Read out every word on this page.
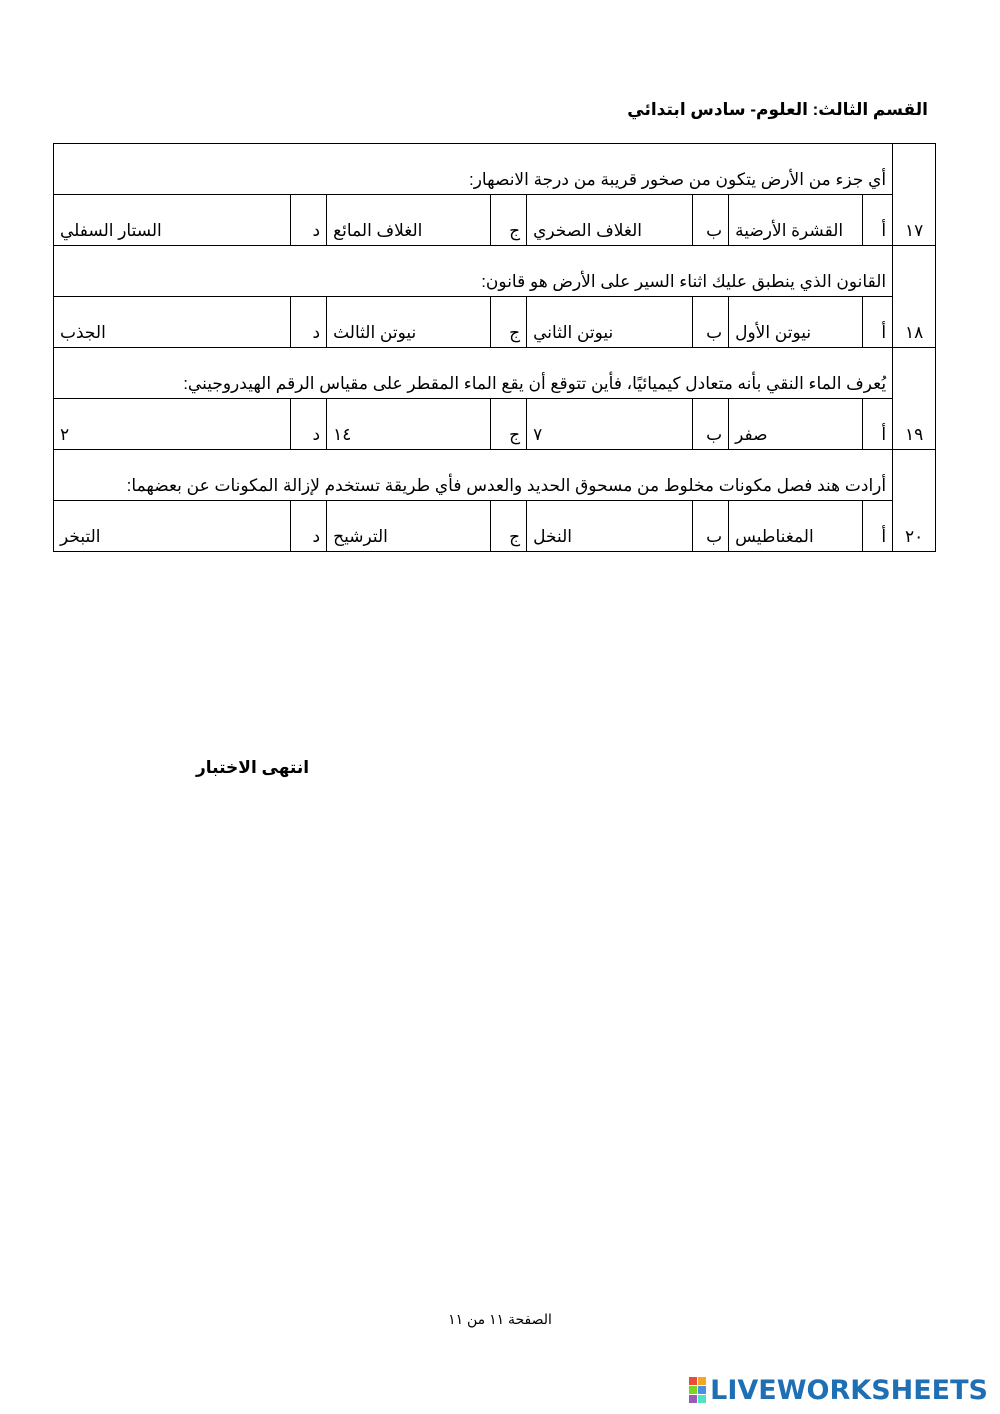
القسم الثالث: العلوم- سادس ابتدائي
١٧	أي جزء من الأرض يتكون من صخور قريبة من درجة الانصهار:							
	أ	القشرة الأرضية	ب	الغلاف الصخري	ج	الغلاف المائع	د	الستار السفلي
١٨	القانون الذي ينطبق عليك اثناء السير على الأرض هو قانون:							
	أ	نيوتن الأول	ب	نيوتن الثاني	ج	نيوتن الثالث	د	الجذب
١٩	يُعرف الماء النقي بأنه متعادل كيميائيًا، فأين تتوقع أن يقع الماء المقطر على مقياس الرقم الهيدروجيني:							
	أ	صفر	ب	٧	ج	١٤	د	٢
٢٠	أرادت هند فصل مكونات مخلوط من مسحوق الحديد والعدس فأي طريقة تستخدم لإزالة المكونات عن بعضهما:							
	أ	المغناطيس	ب	النخل	ج	الترشيح	د	التبخر
انتهى الاختبار
الصفحة ١١ من ١١
LIVEWORKSHEETS
